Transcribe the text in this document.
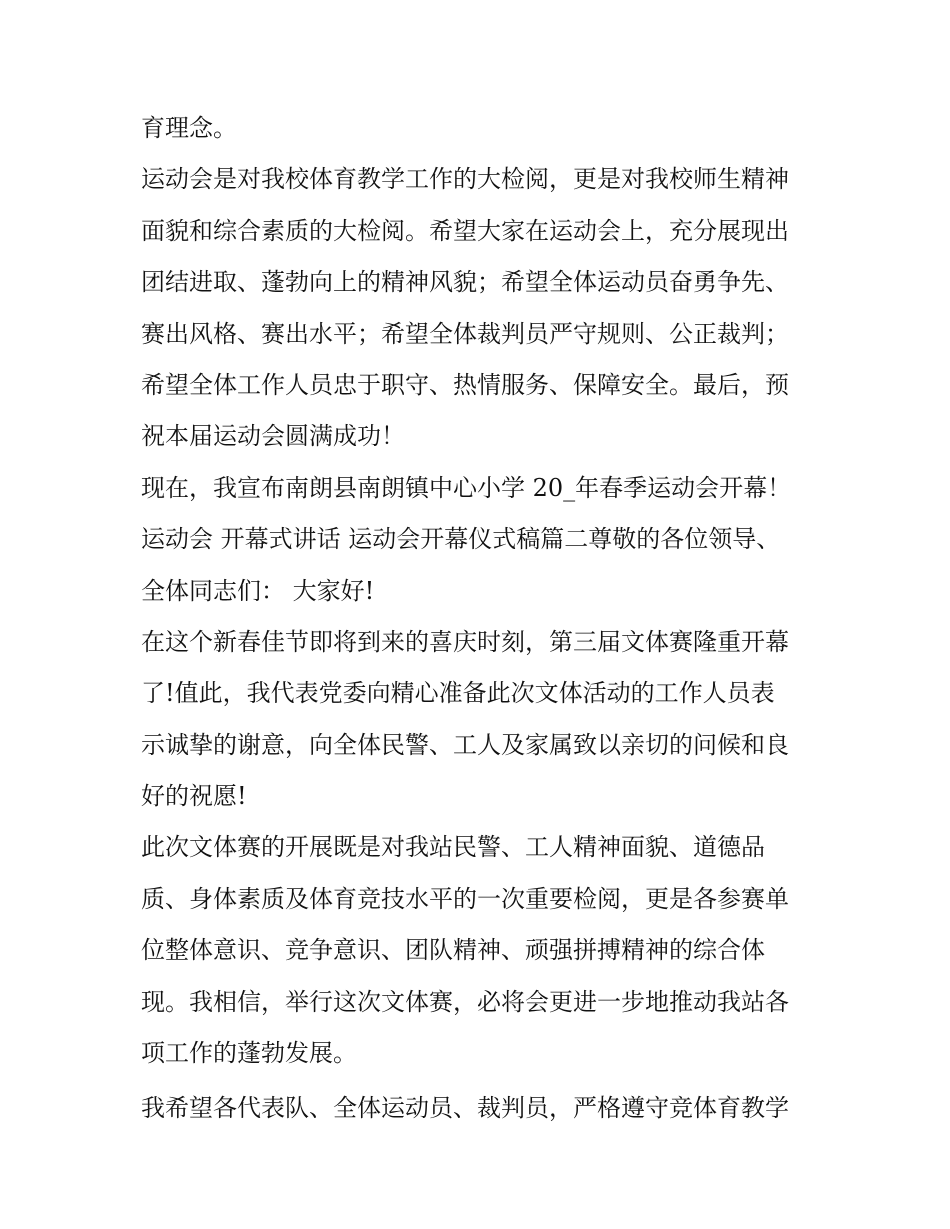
育理念。
运动会是对我校体育教学工作的大检阅，更是对我校师生精神
面貌和综合素质的大检阅。希望大家在运动会上，充分展现出
团结进取、蓬勃向上的精神风貌；希望全体运动员奋勇争先、
赛出风格、赛出水平；希望全体裁判员严守规则、公正裁判；
希望全体工作人员忠于职守、热情服务、保障安全。最后，预
祝本届运动会圆满成功！
现在，我宣布南朗县南朗镇中心小学 20_年春季运动会开幕！
运动会 开幕式讲话 运动会开幕仪式稿篇二尊敬的各位领导、
全体同志们： 大家好!
在这个新春佳节即将到来的喜庆时刻，第三届文体赛隆重开幕
了!值此，我代表党委向精心准备此次文体活动的工作人员表
示诚挚的谢意，向全体民警、工人及家属致以亲切的问候和良
好的祝愿!
此次文体赛的开展既是对我站民警、工人精神面貌、道德品
质、身体素质及体育竞技水平的一次重要检阅，更是各参赛单
位整体意识、竞争意识、团队精神、顽强拼搏精神的综合体
现。我相信，举行这次文体赛，必将会更进一步地推动我站各
项工作的蓬勃发展。
我希望各代表队、全体运动员、裁判员，严格遵守竞体育教学
